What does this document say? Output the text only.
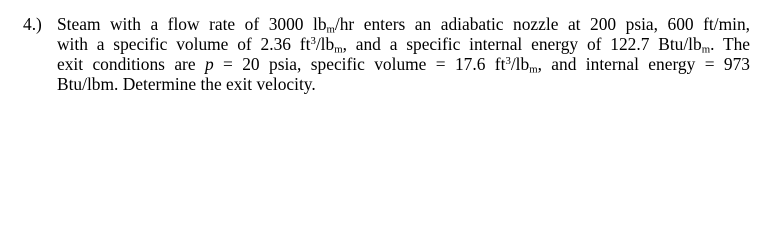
4.) Steam with a flow rate of 3000 $lb_m/hr$ enters an adiabatic nozzle at 200 psia, 600 ft/min,
with a specific volume of 2.36 $ft^3/lb_m$, and a specific internal energy of 122.7 Btu/$lb_m$. The
exit conditions are p = 20 psia, specific volume = 17.6 $ft^3/lb_m$, and internal energy = 973
Btu/lbm. Determine the exit velocity.
